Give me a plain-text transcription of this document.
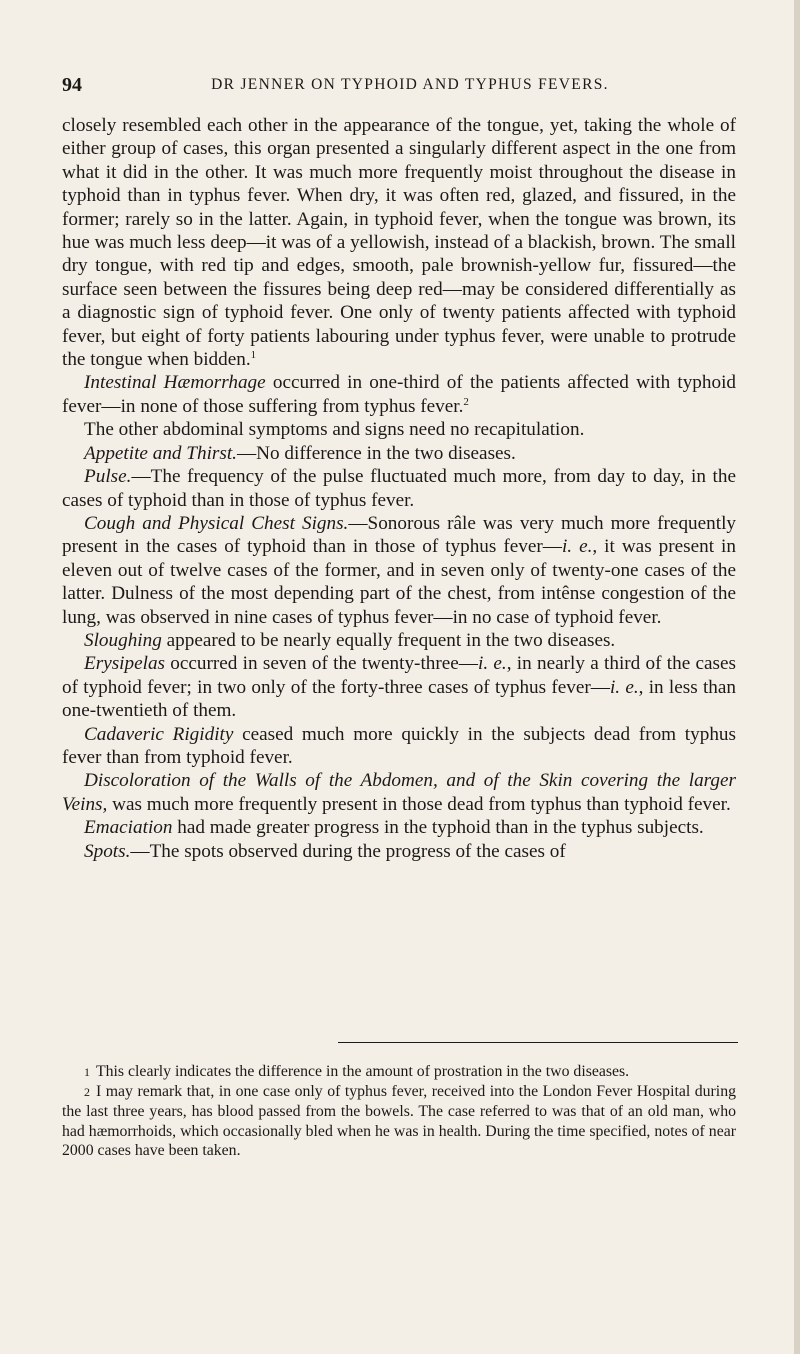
94	DR JENNER ON TYPHOID AND TYPHUS FEVERS.

closely resembled each other in the appearance of the tongue, yet, taking the whole of either group of cases, this organ presented a singularly different aspect in the one from what it did in the other. It was much more frequently moist throughout the disease in typhoid than in typhus fever. When dry, it was often red, glazed, and fissured, in the former; rarely so in the latter. Again, in typhoid fever, when the tongue was brown, its hue was much less deep—it was of a yellowish, instead of a blackish, brown. The small dry tongue, with red tip and edges, smooth, pale brownish-yellow fur, fissured—the surface seen between the fissures being deep red—may be considered differentially as a diagnostic sign of typhoid fever. One only of twenty patients affected with typhoid fever, but eight of forty patients labouring under typhus fever, were unable to protrude the tongue when bidden.$^1$

Intestinal Hæmorrhage occurred in one-third of the patients affected with typhoid fever—in none of those suffering from typhus fever.$^2$

The other abdominal symptoms and signs need no recapitulation.

Appetite and Thirst.—No difference in the two diseases.

Pulse.—The frequency of the pulse fluctuated much more, from day to day, in the cases of typhoid than in those of typhus fever.

Cough and Physical Chest Signs.—Sonorous râle was very much more frequently present in the cases of typhoid than in those of typhus fever—i. e., it was present in eleven out of twelve cases of the former, and in seven only of twenty-one cases of the latter. Dulness of the most depending part of the chest, from intênse congestion of the lung, was observed in nine cases of typhus fever—in no case of typhoid fever.

Sloughing appeared to be nearly equally frequent in the two diseases.

Erysipelas occurred in seven of the twenty-three—i. e., in nearly a third of the cases of typhoid fever; in two only of the forty-three cases of typhus fever—i. e., in less than one-twentieth of them.

Cadaveric Rigidity ceased much more quickly in the subjects dead from typhus fever than from typhoid fever.

Discoloration of the Walls of the Abdomen, and of the Skin covering the larger Veins, was much more frequently present in those dead from typhus than typhoid fever.

Emaciation had made greater progress in the typhoid than in the typhus subjects.

Spots.—The spots observed during the progress of the cases of

1 This clearly indicates the difference in the amount of prostration in the two diseases.

2 I may remark that, in one case only of typhus fever, received into the London Fever Hospital during the last three years, has blood passed from the bowels. The case referred to was that of an old man, who had hæmorrhoids, which occasionally bled when he was in health. During the time specified, notes of near 2000 cases have been taken.
